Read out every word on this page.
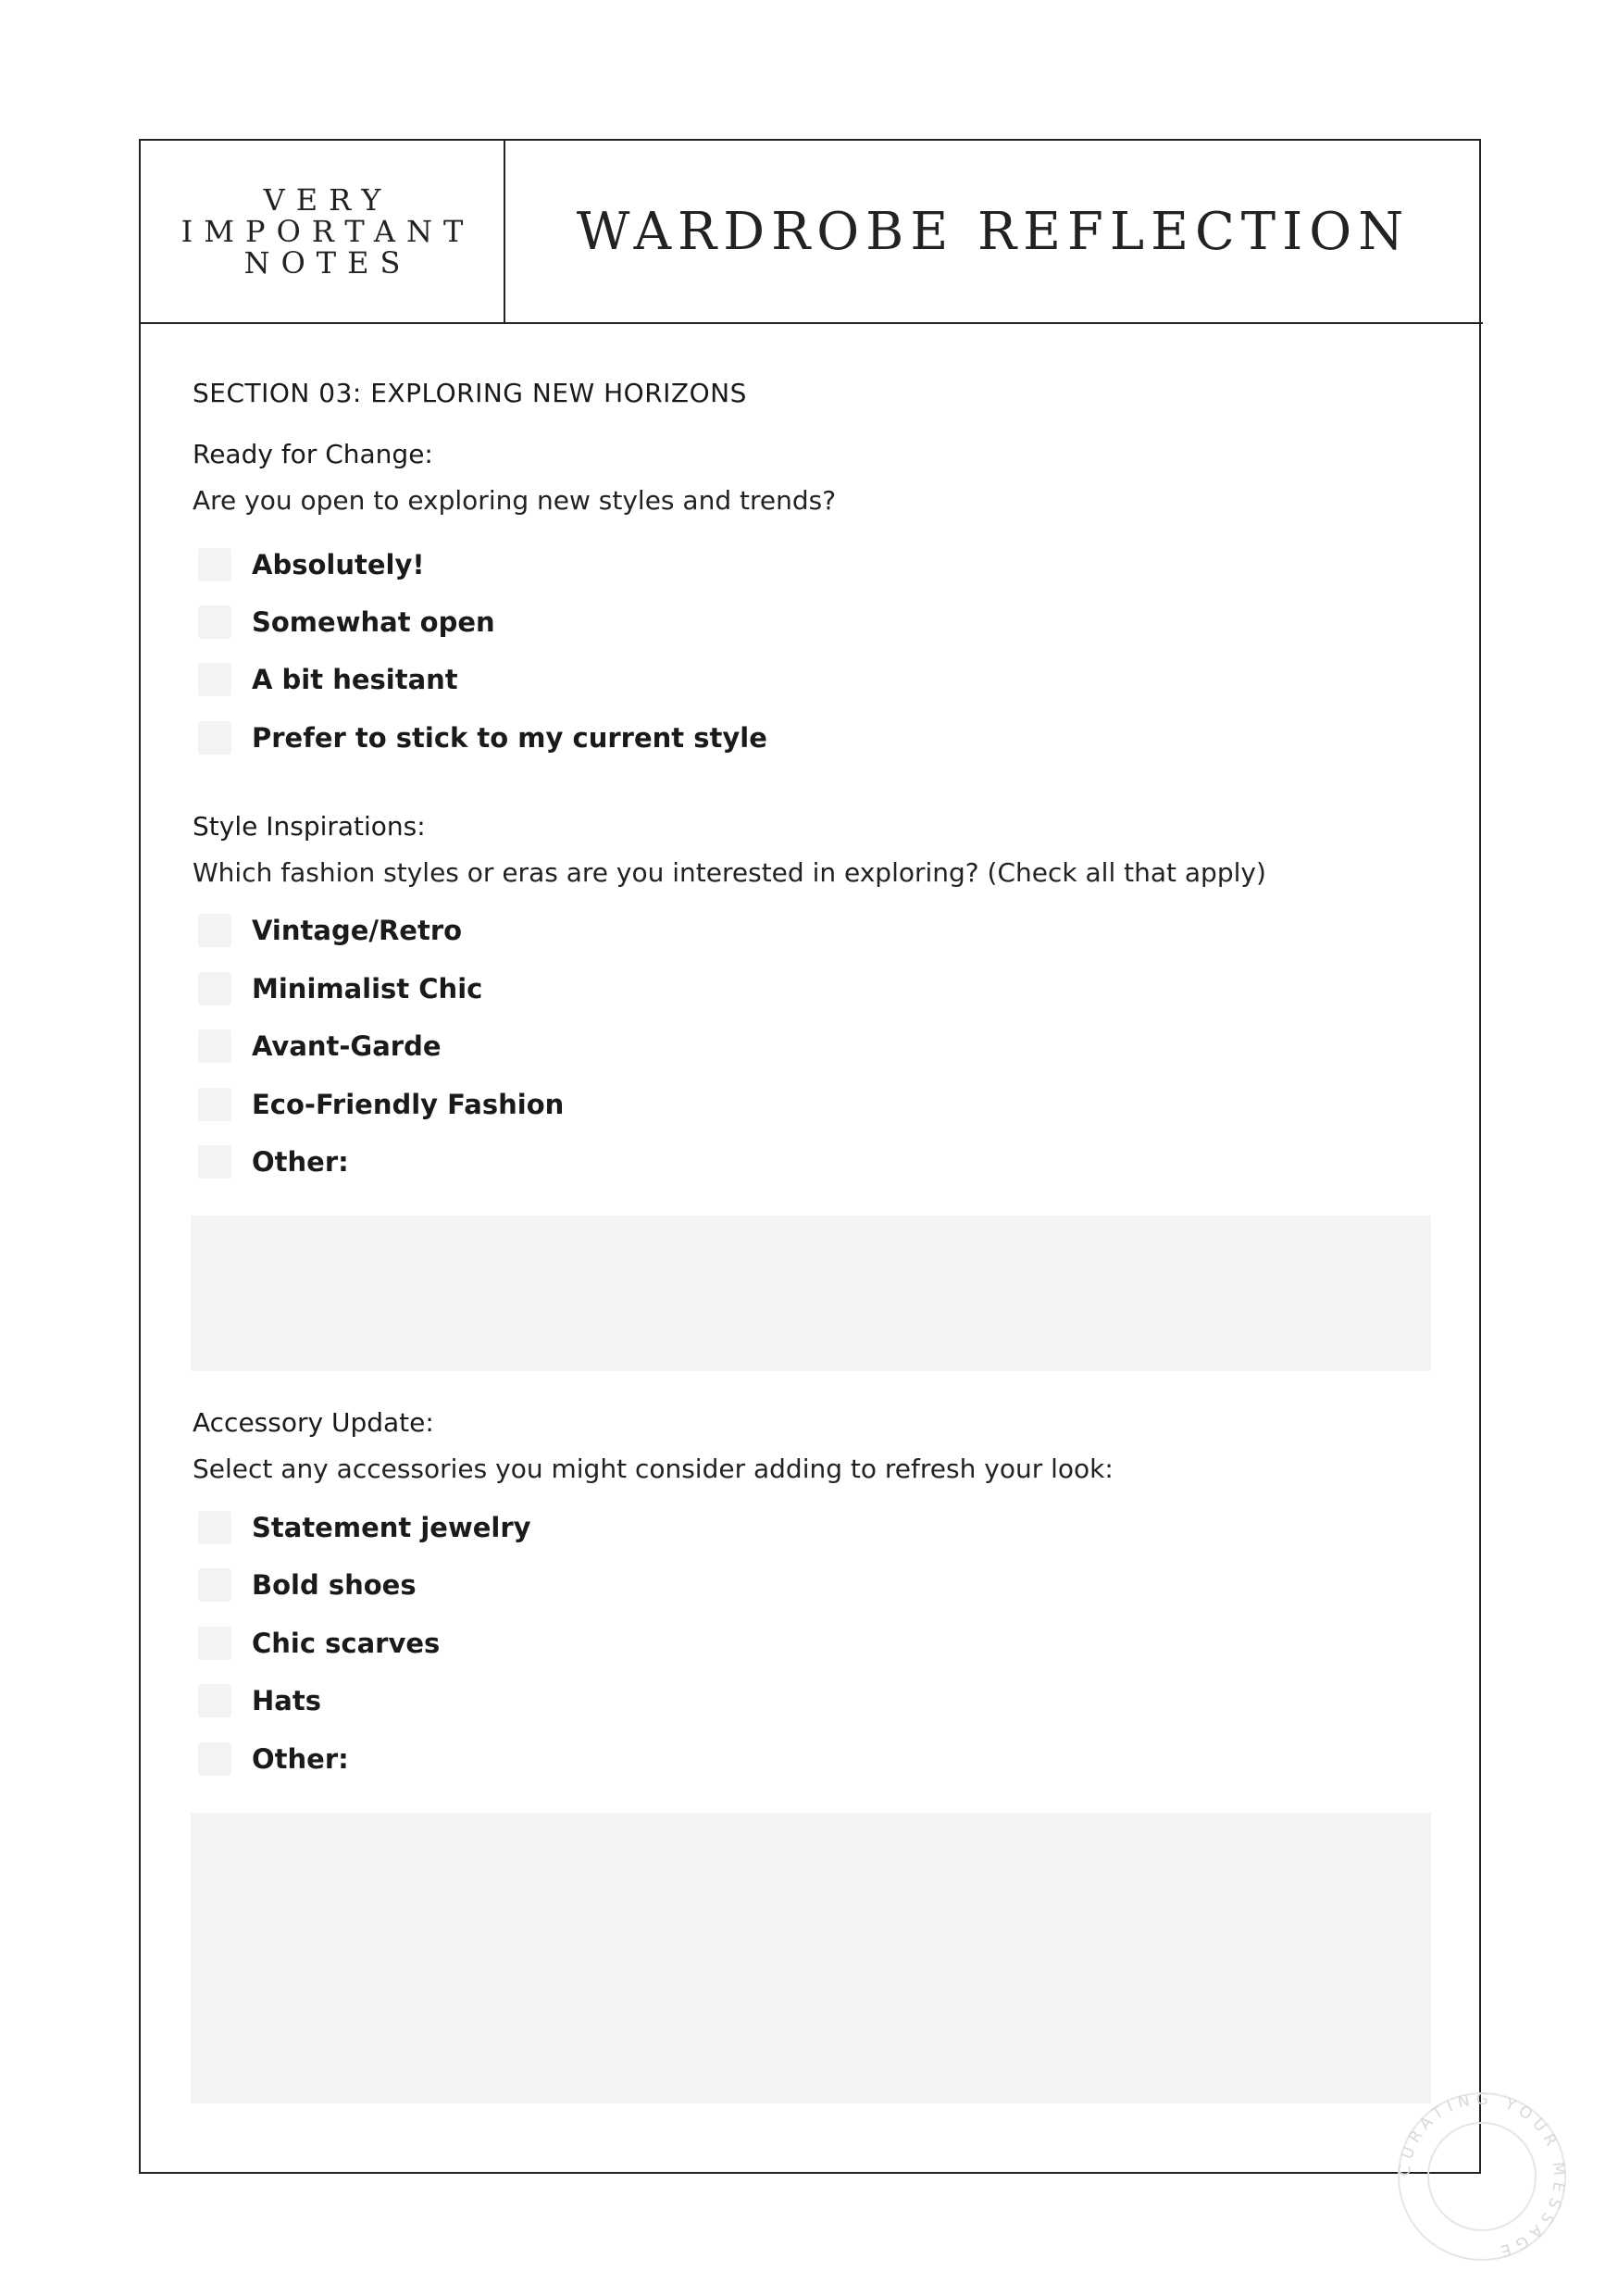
VERY
IMPORTANT
NOTES
WARDROBE REFLECTION
SECTION 03: EXPLORING NEW HORIZONS
Ready for Change:
Are you open to exploring new styles and trends?
Absolutely!
Somewhat open
A bit hesitant
Prefer to stick to my current style
Style Inspirations:
Which fashion styles or eras are you interested in exploring? (Check all that apply)
Vintage/Retro
Minimalist Chic
Avant-Garde
Eco-Friendly Fashion
Other:
Accessory Update:
Select any accessories you might consider adding to refresh your look:
Statement jewelry
Bold shoes
Chic scarves
Hats
Other:
CURATING YOUR MESSAGE
